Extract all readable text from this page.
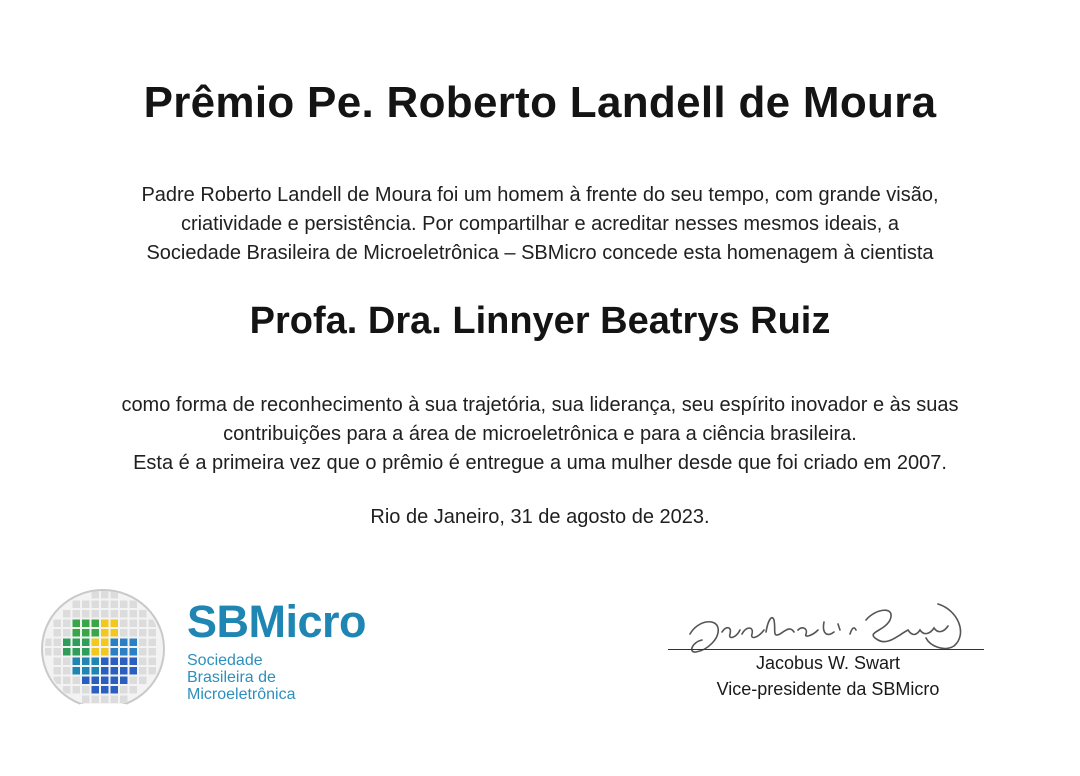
Prêmio Pe. Roberto Landell de Moura

Padre Roberto Landell de Moura foi um homem à frente do seu tempo, com grande visão,

criatividade e persistência. Por compartilhar e acreditar nesses mesmos ideais, a

Sociedade Brasileira de Microeletrônica – SBMicro concede esta homenagem à cientista

Profa. Dra. Linnyer Beatrys Ruiz

como forma de reconhecimento à sua trajetória, sua liderança, seu espírito inovador e às suas

contribuições para a área de microeletrônica e para a ciência brasileira.

Esta é a primeira vez que o prêmio é entregue a uma mulher desde que foi criado em 2007.

Rio de Janeiro, 31 de agosto de 2023.
SBMicro
Sociedade
Brasileira de
Microeletrônica
Jacobus W. Swart
Vice-presidente da SBMicro
